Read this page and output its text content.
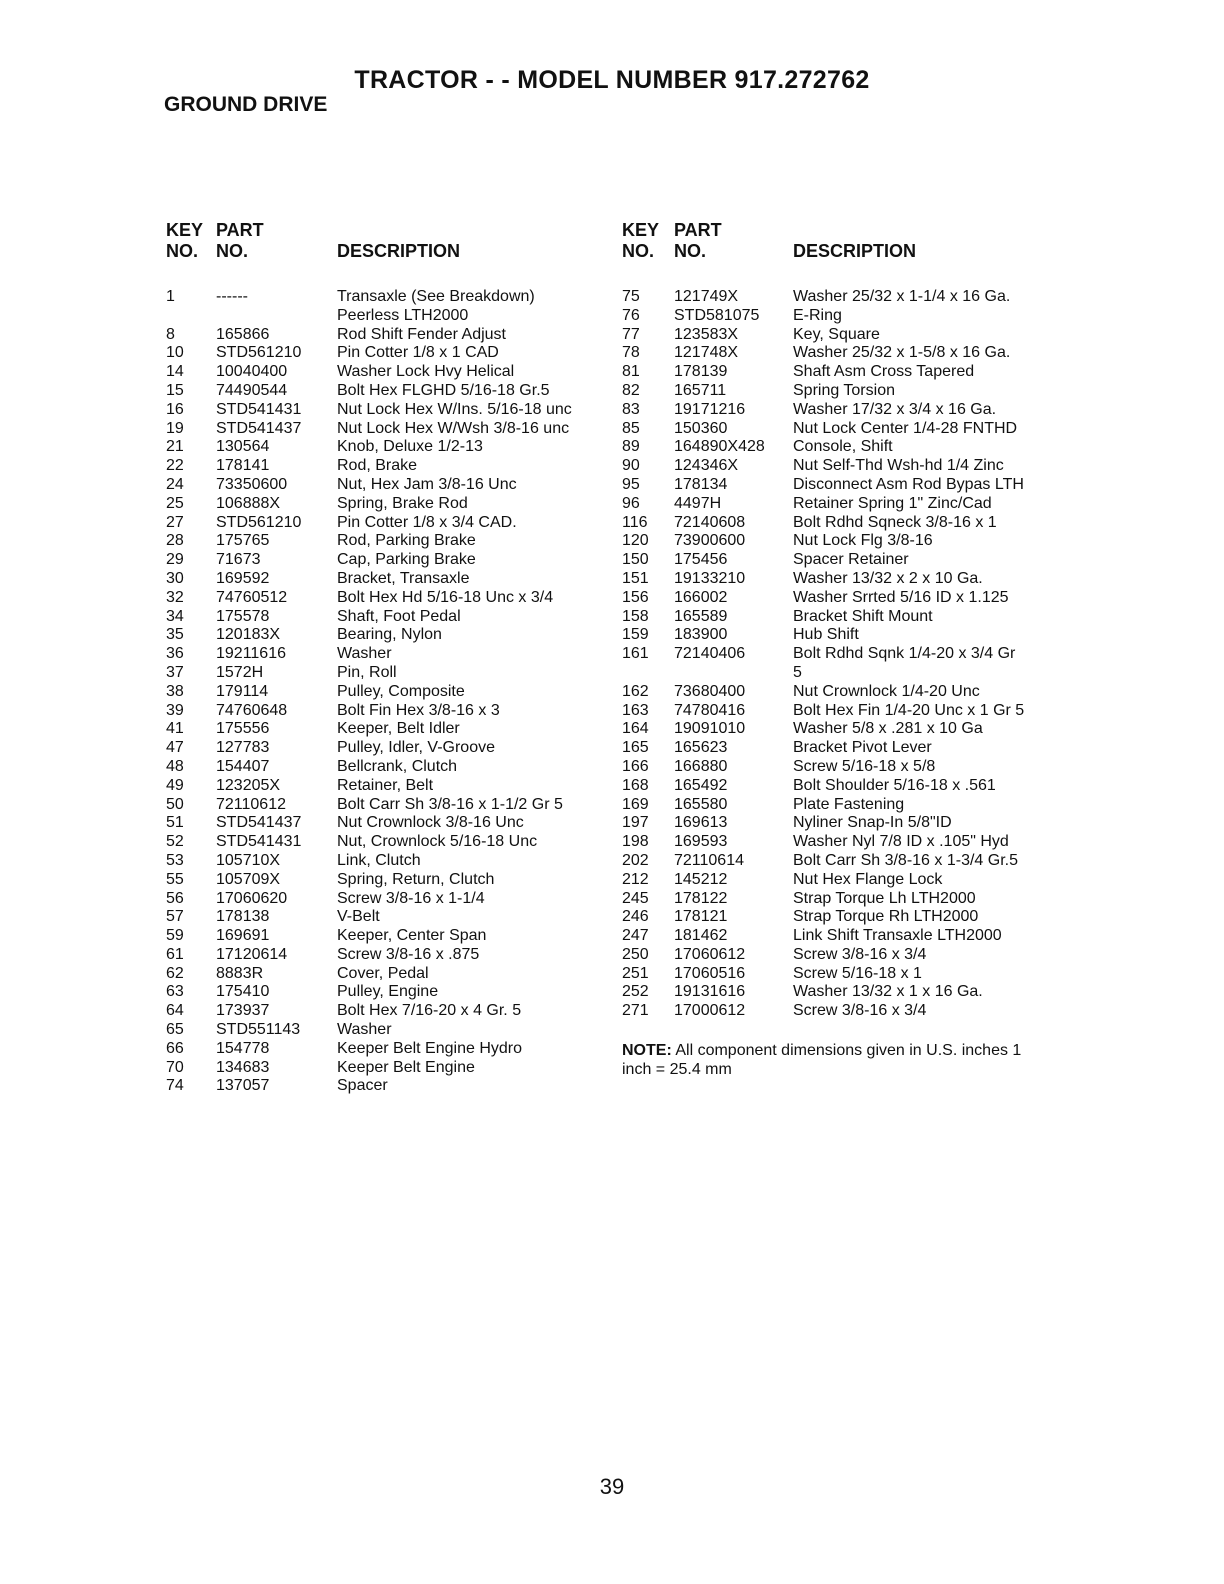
TRACTOR - - MODEL NUMBER 917.272762
GROUND DRIVE
KEY
NO.
PART
NO.	DESCRIPTION
1	------	Transaxle (See Breakdown)
Peerless LTH2000
8	165866	Rod Shift Fender Adjust
10	STD561210	Pin Cotter 1/8 x 1 CAD
14	10040400	Washer Lock Hvy Helical
15	74490544	Bolt Hex FLGHD 5/16-18 Gr.5
16	STD541431	Nut Lock Hex W/Ins. 5/16-18 unc
19	STD541437	Nut Lock Hex W/Wsh 3/8-16 unc
21	130564	Knob, Deluxe 1/2-13
22	178141	Rod, Brake
24	73350600	Nut, Hex Jam 3/8-16 Unc
25	106888X	Spring, Brake Rod
27	STD561210	Pin Cotter 1/8 x 3/4 CAD.
28	175765	Rod, Parking Brake
29	71673	Cap, Parking Brake
30	169592	Bracket, Transaxle
32	74760512	Bolt Hex Hd 5/16-18 Unc x 3/4
34	175578	Shaft, Foot Pedal
35	120183X	Bearing, Nylon
36	19211616	Washer
37	1572H	Pin, Roll
38	179114	Pulley, Composite
39	74760648	Bolt Fin Hex 3/8-16 x 3
41	175556	Keeper, Belt Idler
47	127783	Pulley, Idler, V-Groove
48	154407	Bellcrank, Clutch
49	123205X	Retainer, Belt
50	72110612	Bolt Carr Sh 3/8-16 x 1-1/2 Gr 5
51	STD541437	Nut Crownlock 3/8-16 Unc
52	STD541431	Nut, Crownlock 5/16-18 Unc
53	105710X	Link, Clutch
55	105709X	Spring, Return, Clutch
56	17060620	Screw 3/8-16 x 1-1/4
57	178138	V-Belt
59	169691	Keeper, Center Span
61	17120614	Screw 3/8-16 x .875
62	8883R	Cover, Pedal
63	175410	Pulley, Engine
64	173937	Bolt Hex 7/16-20 x 4 Gr. 5
65	STD551143	Washer
66	154778	Keeper Belt Engine Hydro
70	134683	Keeper Belt Engine
74	137057	Spacer
KEY
NO.
PART
NO.	DESCRIPTION
75	121749X	Washer 25/32 x 1-1/4 x 16 Ga.
76	STD581075	E-Ring
77	123583X	Key, Square
78	121748X	Washer 25/32 x 1-5/8 x 16 Ga.
81	178139	Shaft Asm Cross Tapered
82	165711	Spring Torsion
83	19171216	Washer 17/32 x 3/4 x 16 Ga.
85	150360	Nut Lock Center 1/4-28 FNTHD
89	164890X428	Console, Shift
90	124346X	Nut Self-Thd Wsh-hd 1/4 Zinc
95	178134	Disconnect Asm Rod Bypas LTH
96	4497H	Retainer Spring 1" Zinc/Cad
116	72140608	Bolt Rdhd Sqneck 3/8-16 x 1
120	73900600	Nut Lock Flg 3/8-16
150	175456	Spacer Retainer
151	19133210	Washer 13/32 x 2 x 10 Ga.
156	166002	Washer Srrted 5/16 ID x 1.125
158	165589	Bracket Shift Mount
159	183900	Hub Shift
161	72140406	Bolt Rdhd Sqnk 1/4-20 x 3/4 Gr
5
162	73680400	Nut Crownlock 1/4-20 Unc
163	74780416	Bolt Hex Fin 1/4-20 Unc x 1 Gr 5
164	19091010	Washer 5/8 x .281 x 10 Ga
165	165623	Bracket Pivot Lever
166	166880	Screw 5/16-18 x 5/8
168	165492	Bolt Shoulder 5/16-18 x .561
169	165580	Plate Fastening
197	169613	Nyliner Snap-In 5/8"ID
198	169593	Washer Nyl 7/8 ID x .105" Hyd
202	72110614	Bolt Carr Sh 3/8-16 x 1-3/4 Gr.5
212	145212	Nut Hex Flange Lock
245	178122	Strap Torque Lh LTH2000
246	178121	Strap Torque Rh LTH2000
247	181462	Link Shift Transaxle LTH2000
250	17060612	Screw 3/8-16 x 3/4
251	17060516	Screw 5/16-18 x 1
252	19131616	Washer 13/32 x 1 x 16 Ga.
271	17000612	Screw 3/8-16 x 3/4
NOTE: All component dimensions given in U.S. inches 1 inch = 25.4 mm
39
